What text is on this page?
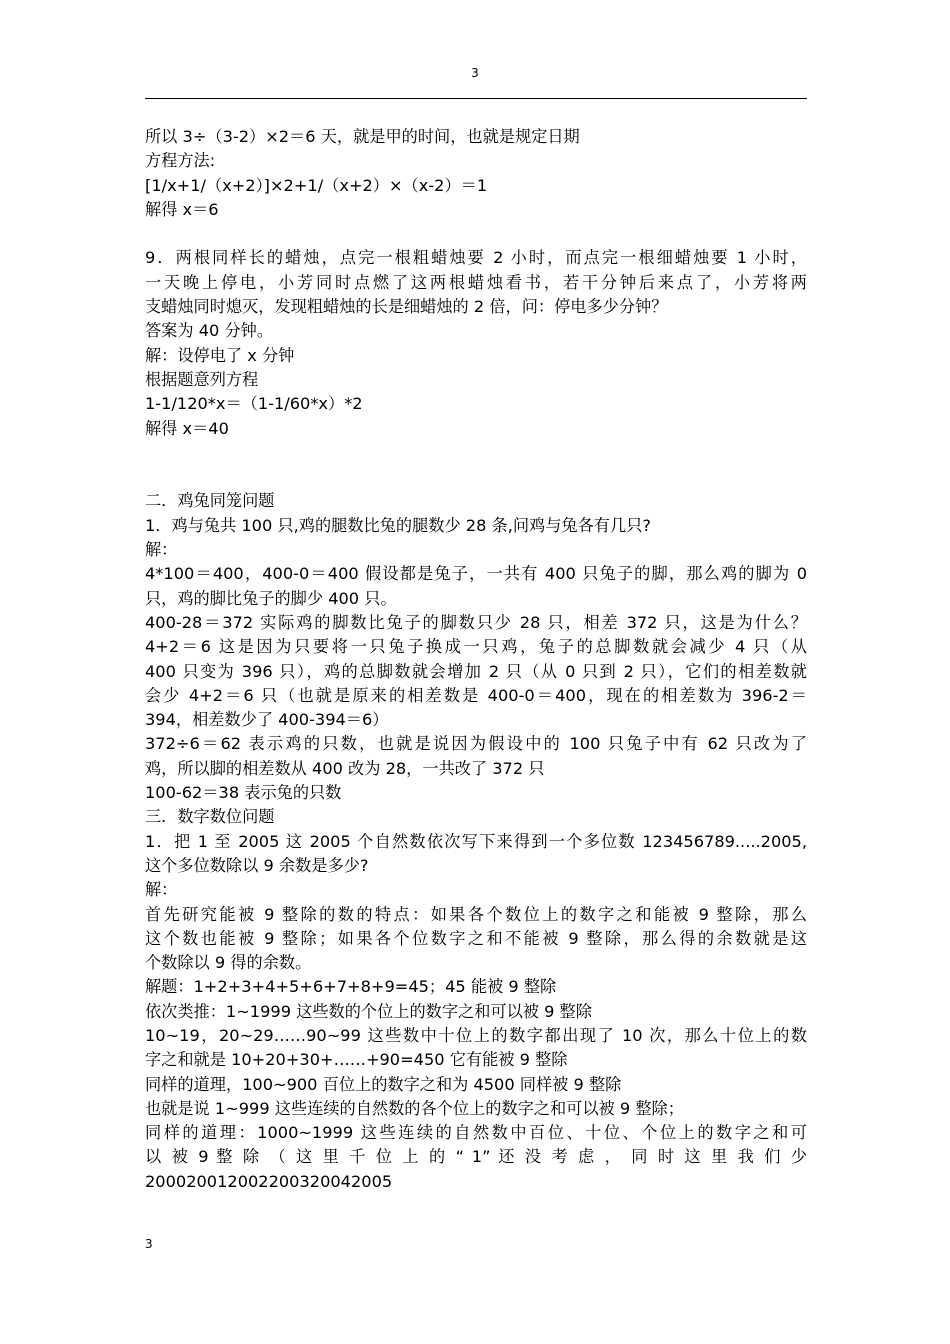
3
所以 3÷（3-2）×2＝6 天，就是甲的时间，也就是规定日期
方程方法:
[1/x+1/（x+2）]×2+1/（x+2）×（x-2）＝1
解得 x＝6
9．两根同样长的蜡烛，点完一根粗蜡烛要 2 小时，而点完一根细蜡烛要 1 小时，
一天晚上停电，小芳同时点燃了这两根蜡烛看书，若干分钟后来点了，小芳将两
支蜡烛同时熄灭，发现粗蜡烛的长是细蜡烛的 2 倍，问：停电多少分钟？
答案为 40 分钟。
解：设停电了 x 分钟
根据题意列方程
1-1/120*x＝（1-1/60*x）*2
解得 x＝40
二．鸡兔同笼问题
1．鸡与兔共 100 只,鸡的腿数比兔的腿数少 28 条,问鸡与兔各有几只?
解：
4*100＝400，400-0＝400 假设都是兔子，一共有 400 只兔子的脚，那么鸡的脚为 0
只，鸡的脚比兔子的脚少 400 只。
400-28＝372 实际鸡的脚数比兔子的脚数只少 28 只，相差 372 只，这是为什么？
4+2＝6 这是因为只要将一只兔子换成一只鸡，兔子的总脚数就会减少 4 只（从
400 只变为 396 只），鸡的总脚数就会增加 2 只（从 0 只到 2 只），它们的相差数就
会少 4+2＝6 只（也就是原来的相差数是 400-0＝400，现在的相差数为 396-2＝
394，相差数少了 400-394＝6）
372÷6＝62 表示鸡的只数，也就是说因为假设中的 100 只兔子中有 62 只改为了
鸡，所以脚的相差数从 400 改为 28，一共改了 372 只
100-62＝38 表示兔的只数
三．数字数位问题
1．把 1 至 2005 这 2005 个自然数依次写下来得到一个多位数 123456789.....2005,
这个多位数除以 9 余数是多少?
解：
首先研究能被 9 整除的数的特点：如果各个数位上的数字之和能被 9 整除，那么
这个数也能被 9 整除；如果各个位数字之和不能被 9 整除，那么得的余数就是这
个数除以 9 得的余数。
解题：1+2+3+4+5+6+7+8+9=45；45 能被 9 整除
依次类推：1~1999 这些数的个位上的数字之和可以被 9 整除
10~19，20~29……90~99 这些数中十位上的数字都出现了 10 次，那么十位上的数
字之和就是 10+20+30+……+90=450 它有能被 9 整除
同样的道理，100~900 百位上的数字之和为 4500 同样被 9 整除
也就是说 1~999 这些连续的自然数的各个位上的数字之和可以被 9 整除；
同样的道理：1000~1999 这些连续的自然数中百位、十位、个位上的数字之和可
以 被 9 整 除 （ 这 里 千 位 上 的 “ 1” 还 没 考 虑 ， 同 时 这 里 我 们 少
2000200120022003200420​05
3
